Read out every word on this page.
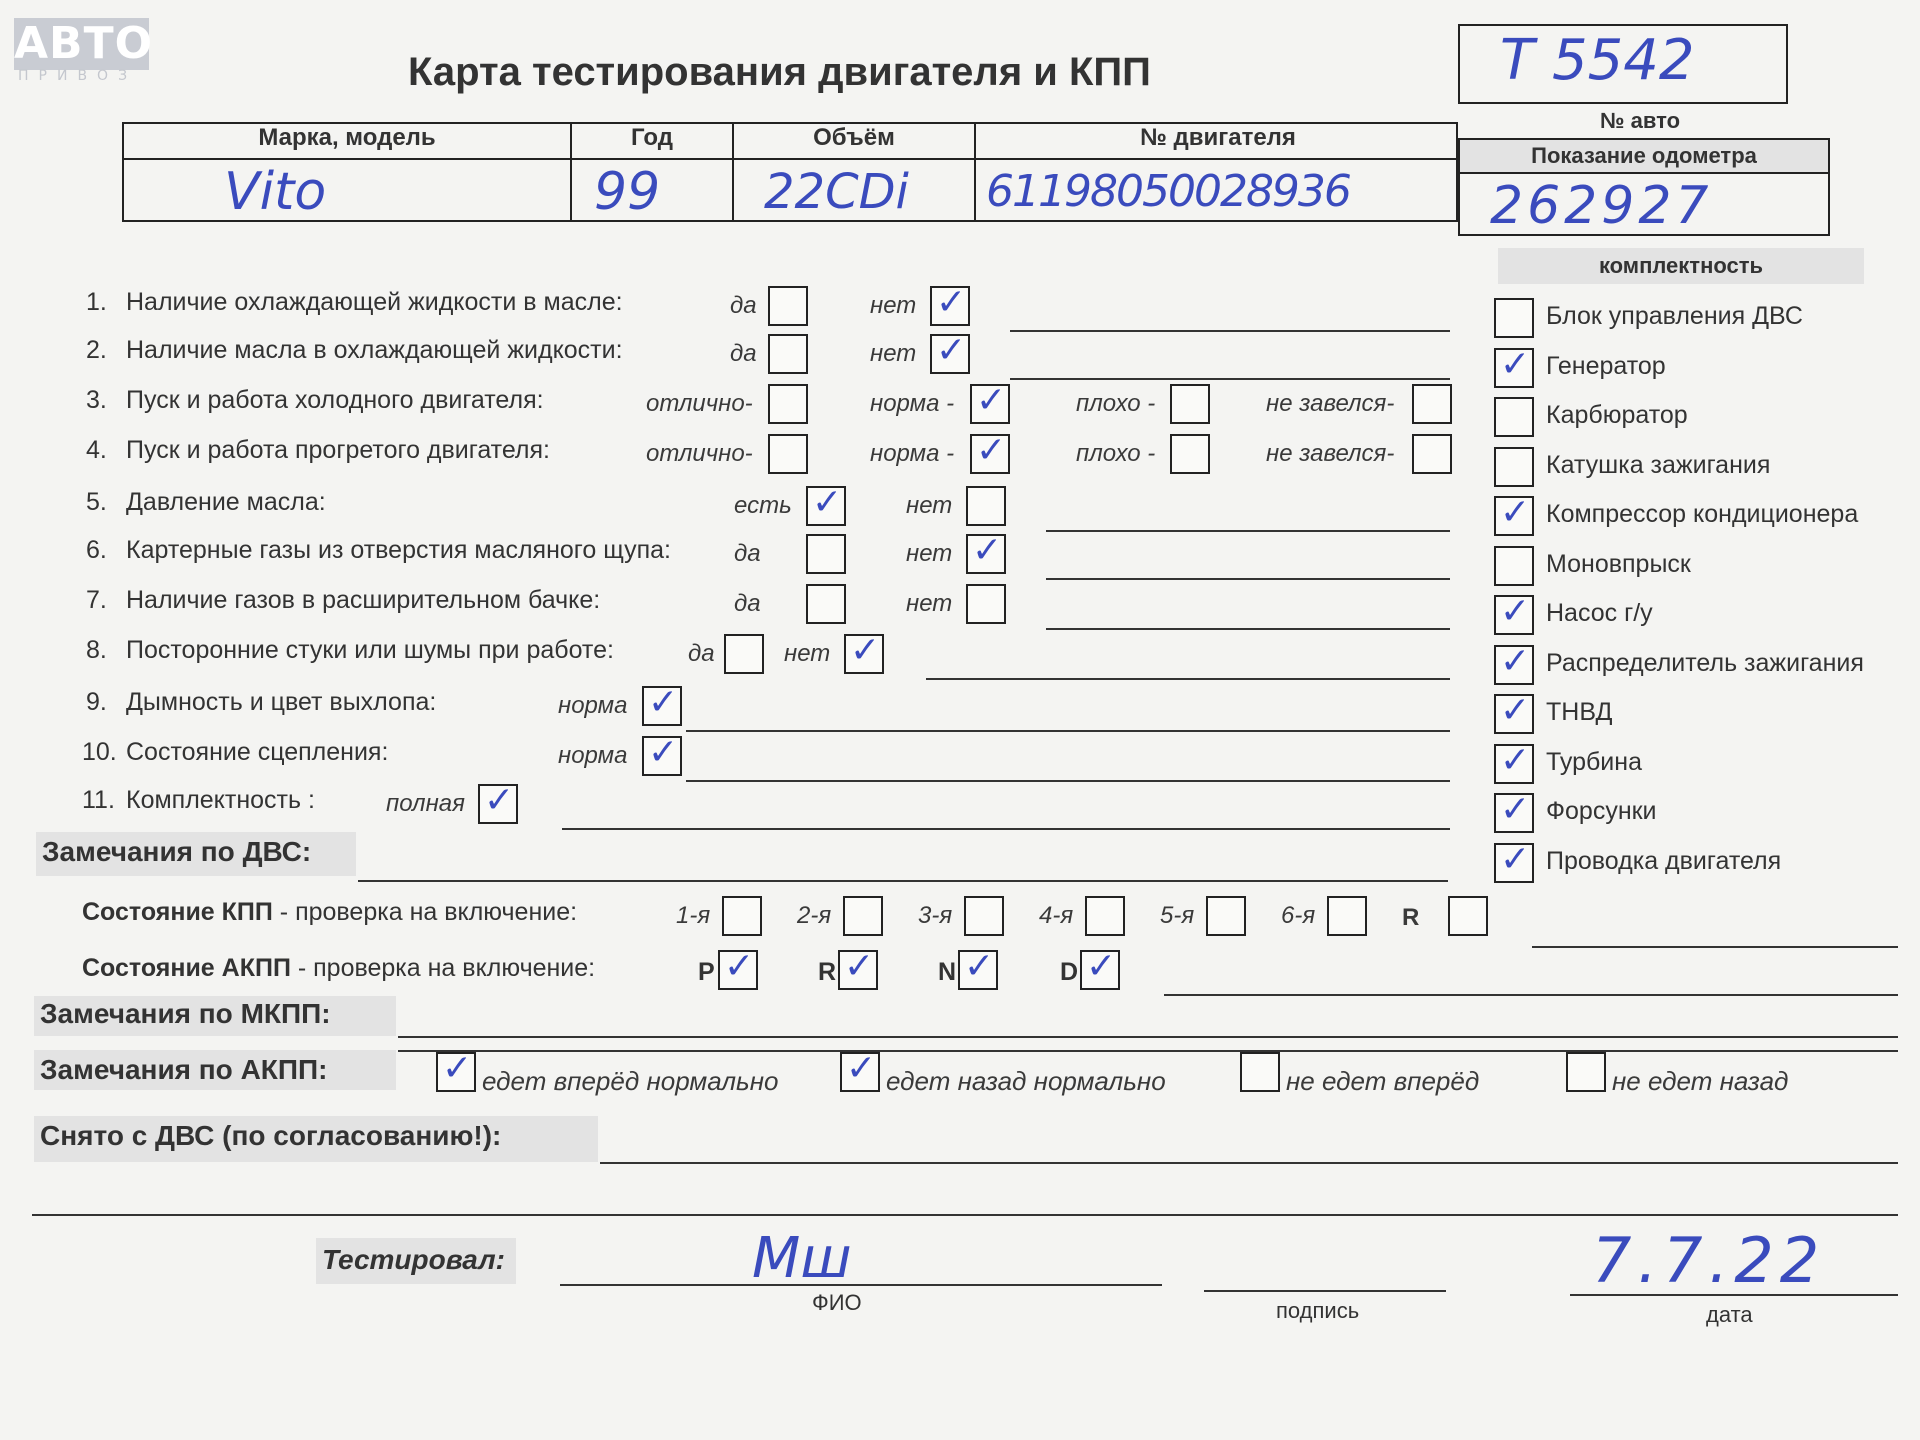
АВТО
ПРИВОЗ	Карта тестирования двигателя и КПП	T 5542
№ авто
Марка, модель	Год	Объём	№ двигателя
Vito	99 22CDi 61198050028936
Показание одометра
262927
комплектность
1. Наличие охлаждающей жидкости в масле:	да	нет ✓
2. Наличие масла в охлаждающей жидкости:	да	нет ✓
3. Пуск и работа холодного двигателя:	отлично-	норма - ✓	плохо -	не завелся-
4. Пуск и работа прогретого двигателя:	отлично-	норма - ✓	плохо -	не завелся-
5. Давление масла:	есть ✓	нет
6. Картерные газы из отверстия масляного щупа:	да	нет ✓
7. Наличие газов в расширительном бачке:	да	нет
8. Посторонние стуки или шумы при работе:	да	нет ✓
9. Дымность и цвет выхлопа:	норма ✓
10. Состояние сцепления:	норма ✓
11. Комплектность :	полная ✓
Блок управления ДВС
✓ Генератор
Карбюратор
Катушка зажигания
✓ Компрессор кондиционера
Моновпрыск
✓ Насос г/у
✓ Распределитель зажигания
✓ ТНВД
✓ Турбина
✓ Форсунки
✓ Проводка двигателя
Замечания по ДВС:
Состояние КПП - проверка на включение:	1-я	2-я	3-я	4-я	5-я	6-я	R
Состояние АКПП - проверка на включение:	P ✓	R ✓	N ✓	D ✓
Замечания по МКПП:
Замечания по АКПП:	✓ едет вперёд нормально ✓ едет назад нормально	не едет вперёд	не едет назад
Снято с ДВС (по согласованию!):
Тестировал:	Мш
ФИО	подпись
7.7.22
дата
